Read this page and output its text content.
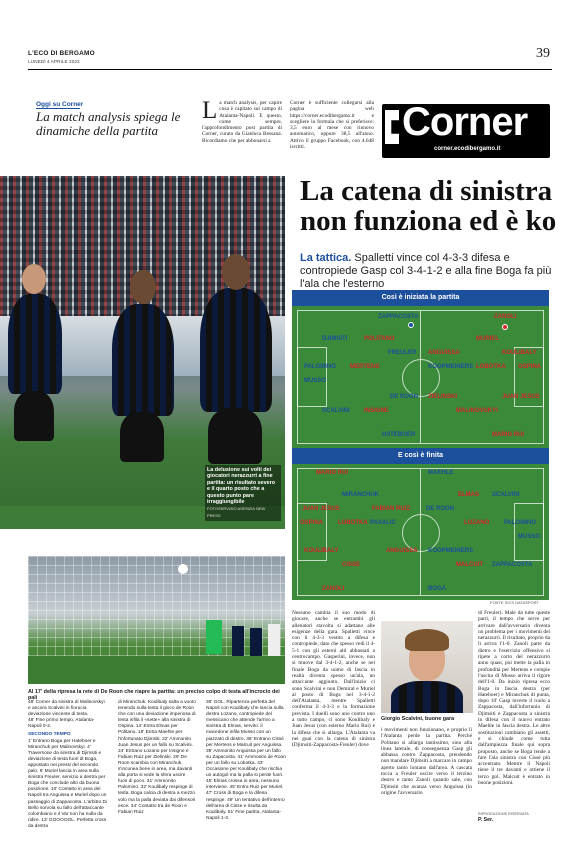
L'ECO DI BERGAMO
LUNEDÌ 4 APRILE 2022
39
Oggi su Corner
La match analysis spiega le dinamiche della partita
La match analysis, per capire cosa è capitato sul campo di Atalanta-Napoli. E questo, come sempre, l'approfondimento post partita di Corner, curato da Gianluca Bessana. Ricordiamo che per abbonarsi a
Corner è sufficiente collegarsi alla pagina web https://corner.ecodibergamo.it e scegliere la formula che si preferisce: 3,5 euro al mese con rinnovo automatico, oppure 38,5 all'anno. Attivo il gruppo Facebook, con 4.648 iscritti.
Corner
corner.ecodibergamo.it
La delusione sui volti dei giocatori nerazzurri a fine partita: un risultato severo e il quarto posto che a questo punto pare irraggiungibile
FOTOSERVIZIO AGENZIA NEW PRESS
La catena di sinistra non funziona ed è ko
La tattica. Spalletti vince col 4-3-3 difesa e contropiede Gasp col 3-4-1-2 e alla fine Boga fa più l'ala che l'esterno
Così è iniziata la partita
ZAPPACOSTA	ZANOLI
DJIMSITI	POLITANO
FREULER ANGUISSA
MURIEL
PALOMINO MERTENS	KOOPMEINERS
KOULIBALY
LOBOTKA OSPINA
MUSSO
DE ROON ZIELINSKI	JUAN JESUS
SCALVINI INSIGNE	MALINOVSKYI
HATEBOER	MARIO RUI
E così è finita
MARIO RUI	MAEHLE
MIRANCHUK	ELMAS SCALVINI
JUAN JESUS	FABIAN RUIZ	DE ROON
OSPINA LOBOTKA PASALIC	LOZANO PALOMINO
MUSSO
KOULIBALY	ANGUISSA KOOPMEINERS
CISSE	MALCUIT ZAPPACOSTA
ZANOLI	BOGA
FONTE SICS DATASPORT
Al 17' della ripresa la rete di De Roon che riapre la partita: un preciso colpo di testa all'incrocio dei pali
48' Corner da sinistra di Malinovskyi e ancora Scalvini in fiorucia deviazione vincente di testa.
48' Fine primo tempo, Atalanta-Napoli 0-2.
SECONDO TEMPO
1' Entrano Boga per Hateboer e Miranchuk per Malinovskyi. 4' Traversone da sinistra di Djimsiti e deviazione di testa fuori di Boga, appostato nei pressi del secondo palo. 6' Muriel lancia in area sulla sinistra Freuler, servizio a destra per Boga che conclude alto da buona posizione. 10' Contatto in area del Napoli tra Anguissa e Muriel dopo un passaggio di Zappacosta. L'arbitro Di Bello sorvola su fallo dell'attaccante colombiano e il Var non ha nulla da ridire. 13' GOOOOOL. Perfetta cross da destra
di Miranchuk. Koulibaly salta a vuoto tenendo sulla testa il gioco de Roon che con una deviazione imperiosa di testa infila il «sette» alla sinistra di Ospina. 14' Entra Elmas per Politano. 18' Entra Maehle per l'infortunato Djimsiti. 22' Ammonito Juan Jesus per un fallo su Scalvini. 24' Entrano Lozano per Insigne e Fabian Ruiz per Zielinski. 29' De Roon scambia con Miranchuk, s'incunea bene in area, ma davanti alla porta si vede la sfera uscire fuori di poco. 31' Ammonito Palomino. 32' Koulibaly respinge di testa. Boga calcia di destra a mezzo volo ma la palla deviata dai difensori esce. 34' Contatto tra de Roon e Fabian Ruiz
36' GOL. Ripartenza perfetta del Napoli con Koulibaly che lancia sulla destra Lozano, contropiede del messicano che attende l'arrivo a sinistra di Elmas, servito: il macedone infila Musso con un piazzato di destro. 38' Entrano Cissé per Mertens e Malcuit per Anguissa. 39' Ammonito Anguissa per un fallo su Zapacosta. 41' Ammonito de Roon per un fallo su Lobotka. 43' Occasione per Koulibaly che rischia un autogol ma la palla si perde fuori. 45' Elmas crossa in area, nessuno interviene. 45' Entra Ruiz per Muriel. 47' Cross di Boga e la difesa respinge. 49' Un tentativo dell'interno dell'area di Cisse e risulta da Koulibaly. 51' Fine partita, Atalanta-Napoli 1-3.
Nessuno cambia il suo modo di giocare, anche se entrambi gli allenatori stavolta si adattano alle esigenze della gara. Spalletti vince con il 4-3-3 vestito a difesa e contropiede, dato che spesso vedi il 4-5-1 con gli esterni alti abbassati a centrocampo. Gasperini, invece, non si muove dal 3-4-1-2, anche se nel finale Boga da uomo di fascia in realtà diventa spesso un'ala, un attaccante aggiunto. Dall'inizio ci sono Scalvini e non Demiral e Muriel al posto di Boga nel 3-4-1-2 dell'Atalanta, mentre Spalletti conferma il 4-3-3 e la formazione prevista. I duelli sono uno contro uno a tutto campo, ci sono Koulibaly e Juan Jesus (con esterno Mario Rui) e la difesa che si allarga. L'Atalanta va nei guai con la catena di sinistra (Djimsiti-Zappacosta-Freuler) dove
Giorgio Scalvini, buone gara
i movimenti non funzionano, e proprio lì l'Atalanta perde la partita. Perché Politano si allarga tantissimo, sino alla linea laterale, di conseguenza Gasp gli abbassa contro Zappacosta, prendendo non mandare Djimsiti a marcare in campo aperto tanto lontano dall'area. A cascata tocca a Freuler uscire verso il terzino destro e tanto Zanoli quando sale, con Djimsiti che avanza verso Anguissa (in origine l'avversario
di Freuler). Male da tutte queste parti, il tempo che serve per arrivare dall'avversario diventa un problema per i movimenti dei nerazzurri. Il risultato, proprio da lì arriva l'1-0. Zanoli parte da dietro e l'esercizio offensivo si ripete a corto del nerazzurro anno quasi, poi mette la palla in profondità per Mertens e compie l'uscita di Musso arriva il rigore dell'1-0. Da inizio ripresa ecco Boga in fascia destra (per Hateboer) e Miranchuk di punta, dopo 10' Gasp inverte il ruolo a Zappacosta, dall'infortunio di Djimsiti e Zappacosta a sinistra in difesa con il nuovo entrato Maehle in fascia destra. Le altre sostituzioni cambiano gli assetti, e si chiude come tutta dall'ampiezza finale qui sopra proposto, anche se Boga tende a fare l'ala sinistra con Cissé più accentrato. Mentre il Napoli tiene il tre davanti e ottiene il terzo gol. Malcuit è entrato in buone posizioni.
RIPRODUZIONE RISERVATA
P. Ser.
